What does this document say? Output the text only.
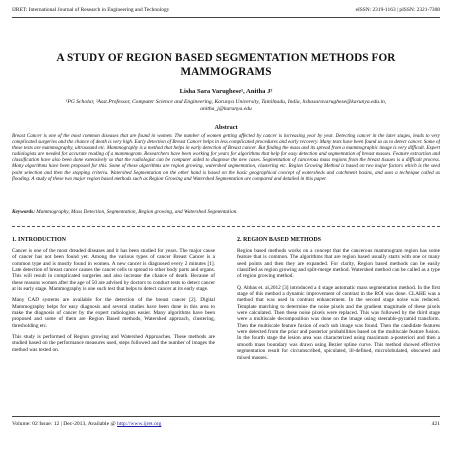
IJRET: International Journal of Research in Engineering and Technology	eISSN: 2319-1163 | pISSN: 2321-7308
A STUDY OF REGION BASED SEGMENTATION METHODS FOR MAMMOGRAMS
Lisha Sara Varughese¹, Anitha J²
¹PG Scholar, ²Asst.Professor, Computer Science and Engineering, Karunya University, Tamilnadu, India, lishasaravarughese@karunya.edu.in, anitha_j@karunya.edu
Abstract
Breast Cancer is one of the most common diseases that are found in women. The number of women getting affected by cancer is increasing year by year. Detecting cancer in the later stages, leads to very complicated surgeries and the chance of death is very high. Early detection of Breast Cancer helps in less complicated procedures and early recovery. Many tests have been found so as to detect cancer. Some of these tests are mammography, ultrasound etc. Mammography is a method that helps in early detection of Breast cancer. But finding the mass and its spread from a mammographic image is very difficult. Expert radiologists are needed for accurate reading of a mammogram. Researchers have been working for years for algorithms that help for easy detection and segmentation of breast masses. Feature extraction and classification have also been done extensively so that the radiologist can be computer aided to diagnose the new cases. Segmentation of cancerous mass regions from the breast tissues is a difficult process. Many algorithms have been proposed for this. Some of these algorithms are region growing, watershed segmentation, clustering etc. Region Growing Method is based on two major factors which is the seed point selection and then the stopping criteria. Watershed Segmentation on the other hand is based on the basic geographical concept of watersheds and catchment basins, and uses a technique called as flooding. A study of these two major region based methods such as Region Growing and Watershed Segmentation are compared and detailed in this paper.
Keywords: Mammography, Mass Detection, Segmentation, Region growing, and Watershed Segmentation.
1. INTRODUCTION

Cancer is one of the most dreaded diseases and it has been studied for years. The major cause of cancer has not been found yet. Among the various types of cancer Breast Cancer is a common type and is mostly found in women. A new cancer is diagnosed every 2 minutes [1]. Late detection of breast cancer causes the cancer cells to spread to other body parts and organs. This will result in complicated surgeries and also increase the chance of death. Because of these reasons women after the age of 50 are advised by doctors to conduct tests to detect cancer at its early stage. Mammography is one such test that helps to detect cancer at its early stage.

Many CAD systems are available for the detection of the breast cancer [2]. Digital Mammography helps for easy diagnosis and several studies have been done in this area to make the diagnosis of cancer by the expert radiologists easier. Many algorithms have been proposed and some of them are Region Based methods, Watershed approach, clustering, thresholding etc.

This study is performed of Region growing and Watershed Approaches. These methods are studied based on the performance measures used, steps followed and the number of images the method was tested on.

2. REGION BASED METHODS

Region based methods works on a concept that the cancerous mammogram region has some feature that is common. The algorithms that are region based usually starts with one or many seed points and then they are expanded. For clarity, Region based methods can be easily classified as region growing and split-merge method. Watershed method can be called as a type of region growing method.

Q. Abbas et. al,2012 [3] introduced a 4 stage automatic mass segmentation method. In the first stage of this method a dynamic improvement of contrast in the ROI was done. CLAHE was a method that was used in contrast enhancement. In the second stage noise was reduced. Template matching to determine the noise pixels and the gradient magnitude of these pixels were calculated. Then these noise pixels were replaced. This was followed by the third stage were a multiscale decomposition was done on the image using steerable-pyramid transform. Then the multiscale feature fusion of each sub image was found. Then the candidate features were detected from the prior and posterior probabilities based on the multiscale feature fusion. In the fourth stage the lesion area was characterized using maximum a-posteriori and then a smooth mass boundary was drawn using Bezier spline curve. This method showed effective segmentation result for circumscribed, spiculated, ill-defined, microlobulated, obscured and mixed masses.

Volume: 02 Issue: 12 | Dec-2013, Available @ http://www.ijret.org	421
